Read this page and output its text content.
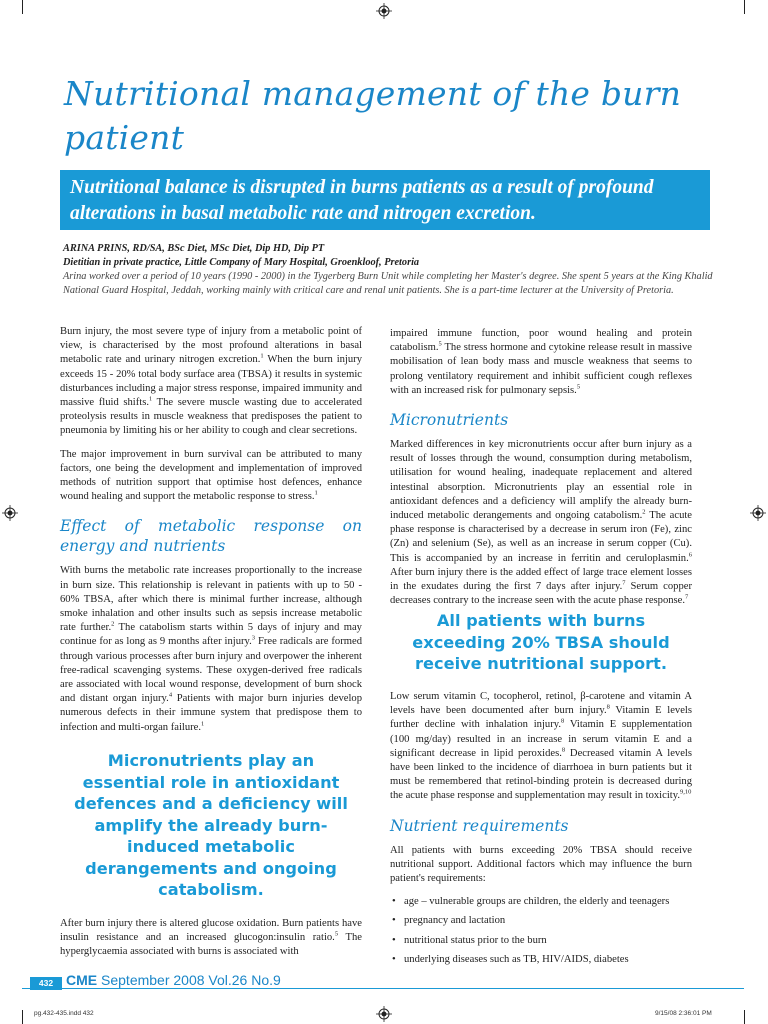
Nutritional management of the burn patient
Nutritional balance is disrupted in burns patients as a result of profound alterations in basal metabolic rate and nitrogen excretion.
ARINA PRINS, RD/SA, BSc Diet, MSc Diet, Dip HD, Dip PT
Dietitian in private practice, Little Company of Mary Hospital, Groenkloof, Pretoria
Arina worked over a period of 10 years (1990 - 2000) in the Tygerberg Burn Unit while completing her Master's degree. She spent 5 years at the King Khalid National Guard Hospital, Jeddah, working mainly with critical care and renal unit patients. She is a part-time lecturer at the University of Pretoria.

Burn injury, the most severe type of injury from a metabolic point of view, is characterised by the most profound alterations in basal metabolic rate and urinary nitrogen excretion.$^1$ When the burn injury exceeds 15 - 20% total body surface area (TBSA) it results in systemic disturbances including a major stress response, impaired immunity and massive fluid shifts.$^1$ The severe muscle wasting due to accelerated proteolysis results in muscle weakness that predisposes the patient to pneumonia by limiting his or her ability to cough and clear secretions.

The major improvement in burn survival can be attributed to many factors, one being the development and implementation of improved methods of nutrition support that optimise host defences, enhance wound healing and support the metabolic response to stress.$^1$

Effect of metabolic response on energy and nutrients

With burns the metabolic rate increases proportionally to the increase in burn size. This relationship is relevant in patients with up to 50 - 60% TBSA, after which there is minimal further increase, although smoke inhalation and other insults such as sepsis increase metabolic rate further.$^2$ The catabolism starts within 5 days of injury and may continue for as long as 9 months after injury.$^3$ Free radicals are formed through various processes after burn injury and overpower the inherent free-radical scavenging systems. These oxygen-derived free radicals are associated with local wound response, development of burn shock and distant organ injury.$^4$ Patients with major burn injuries develop numerous defects in their immune system that predispose them to infection and multi-organ failure.$^1$

Micronutrients play an essential role in antioxidant defences and a deficiency will amplify the already burn-induced metabolic derangements and ongoing catabolism.

After burn injury there is altered glucose oxidation. Burn patients have insulin resistance and an increased glucogon:insulin ratio.$^5$ The hyperglycaemia associated with burns is associated with

impaired immune function, poor wound healing and protein catabolism.$^5$ The stress hormone and cytokine release result in massive mobilisation of lean body mass and muscle weakness that seems to prolong ventilatory requirement and inhibit sufficient cough reflexes with an increased risk for pulmonary sepsis.$^5$

Micronutrients

Marked differences in key micronutrients occur after burn injury as a result of losses through the wound, consumption during metabolism, utilisation for wound healing, inadequate replacement and altered intestinal absorption. Micronutrients play an essential role in antioxidant defences and a deficiency will amplify the already burn-induced metabolic derangements and ongoing catabolism.$^2$ The acute phase response is characterised by a decrease in serum iron (Fe), zinc (Zn) and selenium (Se), as well as an increase in serum copper (Cu). This is accompanied by an increase in ferritin and ceruloplasmin.$^6$ After burn injury there is the added effect of large trace element losses in the exudates during the first 7 days after injury.$^7$ Serum copper decreases contrary to the increase seen with the acute phase response.$^7$

All patients with burns exceeding 20% TBSA should receive nutritional support.

Low serum vitamin C, tocopherol, retinol, β-carotene and vitamin A levels have been documented after burn injury.$^8$ Vitamin E levels further decline with inhalation injury.$^8$ Vitamin E supplementation (100 mg/day) resulted in an increase in serum vitamin E and a significant decrease in lipid peroxides.$^8$ Decreased vitamin A levels have been linked to the incidence of diarrhoea in burn patients but it must be remembered that retinol-binding protein is decreased during the acute phase response and supplementation may result in toxicity.$^{9,10}$

Nutrient requirements

All patients with burns exceeding 20% TBSA should receive nutritional support. Additional factors which may influence the burn patient's requirements:

• age – vulnerable groups are children, the elderly and teenagers
• pregnancy and lactation
• nutritional status prior to the burn
• underlying diseases such as TB, HIV/AIDS, diabetes
432 CME September 2008 Vol.26 No.9
pg.432-435.indd 432	9/15/08 2:36:01 PM
